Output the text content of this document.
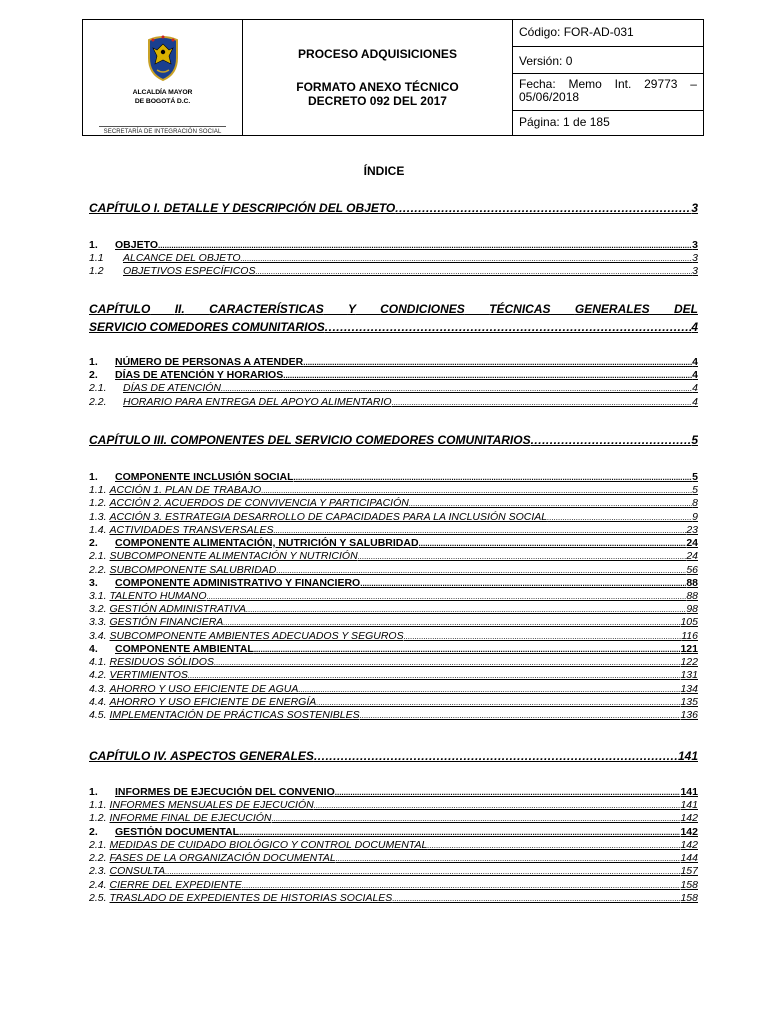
ALCALDÍA MAYOR
DE BOGOTÁ D.C.
SECRETARÍA DE INTEGRACIÓN SOCIAL
PROCESO ADQUISICIONES
FORMATO ANEXO TÉCNICO
DECRETO 092 DEL 2017
Código: FOR-AD-031
Versión: 0
Fecha: Memo Int. 29773 –
05/06/2018
Página: 1 de 185
ÍNDICE
CAPÍTULO I. DETALLE Y DESCRIPCIÓN DEL OBJETO .....	3
1. OBJETO .....	3
1.1 ALCANCE DEL OBJETO .....	3
1.2 OBJETIVOS ESPECÍFICOS .....	3
CAPÍTULO II. CARACTERÍSTICAS Y CONDICIONES TÉCNICAS GENERALES DEL
SERVICIO COMEDORES COMUNITARIOS .....	4
1. NÚMERO DE PERSONAS A ATENDER .....	4
2. DÍAS DE ATENCIÓN Y HORARIOS .....	4
2.1. DÍAS DE ATENCIÓN .....	4
2.2. HORARIO PARA ENTREGA DEL APOYO ALIMENTARIO .....	4
CAPÍTULO III. COMPONENTES DEL SERVICIO COMEDORES COMUNITARIOS .....	5
1. COMPONENTE INCLUSIÓN SOCIAL .....	5
1.1. ACCIÓN 1. PLAN DE TRABAJO .....	5
1.2. ACCIÓN 2. ACUERDOS DE CONVIVENCIA Y PARTICIPACIÓN .....	8
1.3. ACCIÓN 3. ESTRATEGIA DESARROLLO DE CAPACIDADES PARA LA INCLUSIÓN SOCIAL .....	9
1.4. ACTIVIDADES TRANSVERSALES .....	23
2. COMPONENTE ALIMENTACIÓN, NUTRICIÓN Y SALUBRIDAD .....	24
2.1. SUBCOMPONENTE ALIMENTACIÓN Y NUTRICIÓN .....	24
2.2. SUBCOMPONENTE SALUBRIDAD .....	56
3. COMPONENTE ADMINISTRATIVO Y FINANCIERO .....	88
3.1. TALENTO HUMANO .....	88
3.2. GESTIÓN ADMINISTRATIVA .....	98
3.3. GESTIÓN FINANCIERA .....	105
3.4. SUBCOMPONENTE AMBIENTES ADECUADOS Y SEGUROS .....	116
4. COMPONENTE AMBIENTAL .....	121
4.1. RESIDUOS SÓLIDOS .....	122
4.2. VERTIMIENTOS .....	131
4.3. AHORRO Y USO EFICIENTE DE AGUA .....	134
4.4. AHORRO Y USO EFICIENTE DE ENERGÍA .....	135
4.5. IMPLEMENTACIÓN DE PRÁCTICAS SOSTENIBLES .....	136
CAPÍTULO IV. ASPECTOS GENERALES .....	141
1. INFORMES DE EJECUCIÓN DEL CONVENIO .....	141
1.1. INFORMES MENSUALES DE EJECUCIÓN .....	141
1.2. INFORME FINAL DE EJECUCIÓN .....	142
2. GESTIÓN DOCUMENTAL .....	142
2.1. MEDIDAS DE CUIDADO BIOLÓGICO Y CONTROL DOCUMENTAL .....	142
2.2. FASES DE LA ORGANIZACIÓN DOCUMENTAL .....	144
2.3. CONSULTA .....	157
2.4. CIERRE DEL EXPEDIENTE .....	158
2.5. TRASLADO DE EXPEDIENTES DE HISTORIAS SOCIALES .....	158
